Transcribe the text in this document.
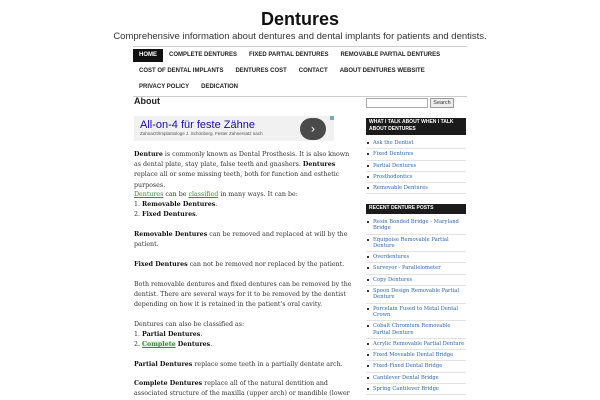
Dentures
Comprehensive information about dentures and dental implants for patients and dentists.
HOME	COMPLETE DENTURES	FIXED PARTIAL DENTURES	REMOVABLE PARTIAL DENTURES
COST OF DENTAL IMPLANTS	DENTURES COST	CONTACT	ABOUT DENTURES WEBSITE
PRIVACY POLICY	DEDICATION
About
All-on-4 für feste Zähne
Zahnarzt/Implantologe J. Schönberg. Fester Zahnersatz nach	›
Denture is commonly known as Dental Prosthesis. It is also known as dental plate, stay plate, false teeth and gnashers. Dentures replace all or some missing teeth, both for function and esthetic purposes.
Dentures can be classified in many ways. It can be:
1. Removable Dentures.
2. Fixed Dentures.
Removable Dentures can be removed and replaced at will by the patient.
Fixed Dentures can not be removed nor replaced by the patient.
Both removable dentures and fixed dentures can be removed by the dentist. There are several ways for it to be removed by the dentist depending on how it is retained in the patient's oral cavity.
Dentures can also be classified as:
1. Partial Dentures.
2. Complete Dentures.
Partial Dentures replace some teeth in a partially dentate arch.
Complete Dentures replace all of the natural dentition and associated structure of the maxilla (upper arch) or mandible (lower
Search
WHAT I TALK ABOUT WHEN I TALK ABOUT DENTURES
Ask the Dentist
Fixed Dentures
Partial Dentures
Prosthodontics
Removable Dentures
RECENT DENTURE POSTS
Resin Bonded Bridge - Maryland Bridge
Equipoise Removable Partial Denture
Overdentures
Surveyor - Parallelometer
Copy Dentures
Spoon Design Removable Partial Denture
Porcelain Fused to Metal Dental Crown
Cobalt Chromium Removable Partial Denture
Acrylic Removable Partial Denture
Fixed Moveable Dental Bridge
Fixed-Fixed Dental Bridge
Cantilever Dental Bridge
Spring Cantilever Bridge
